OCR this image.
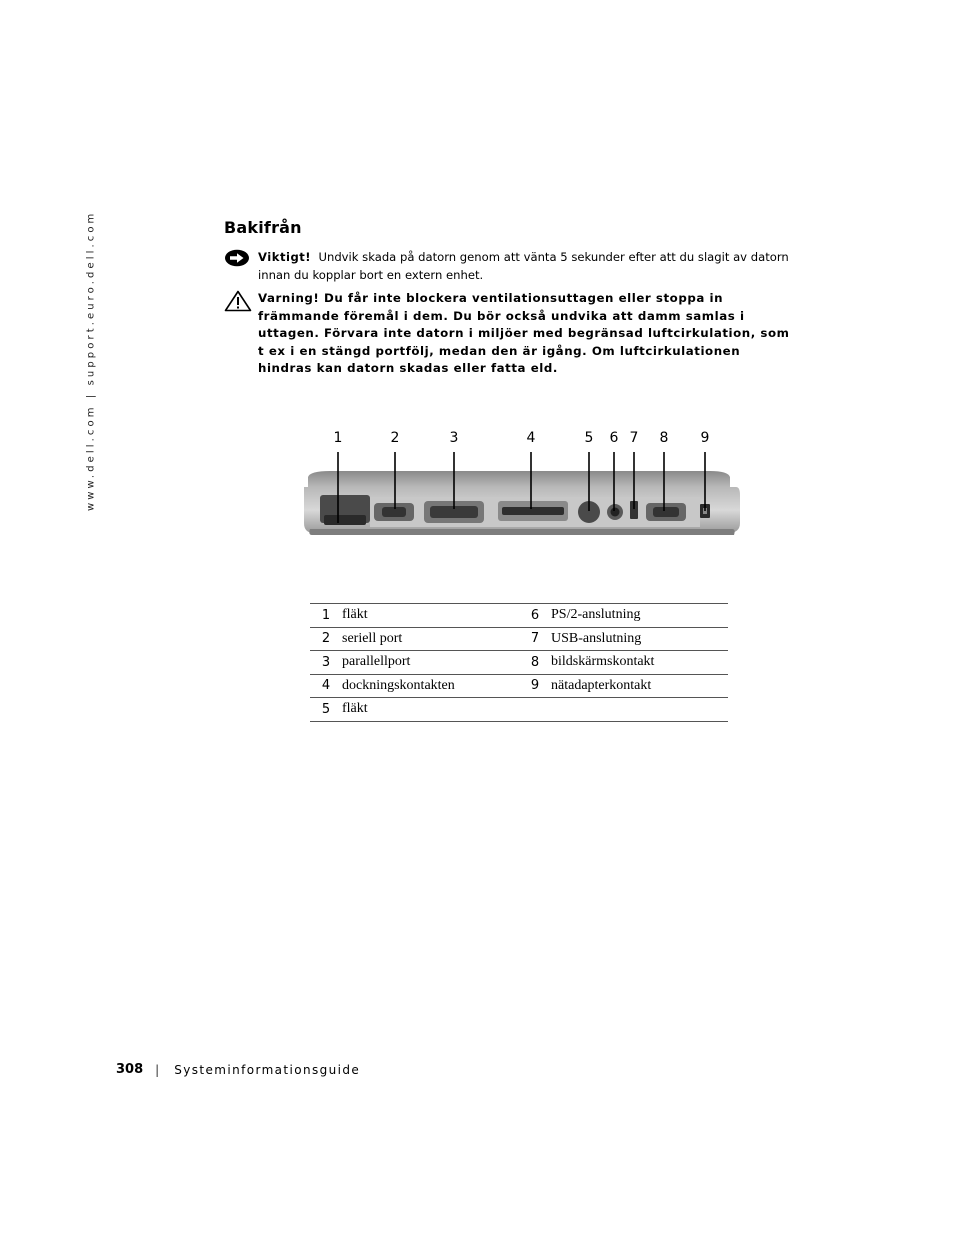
www.dell.com | support.euro.dell.com	Bakifrån
Viktigt! Undvik skada på datorn genom att vänta 5 sekunder efter att du slagit av datorn innan du kopplar bort en extern enhet.
Varning! Du får inte blockera ventilationsuttagen eller stoppa in främmande föremål i dem. Du bör också undvika att damm samlas i uttagen. Förvara inte datorn i miljöer med begränsad luftcirkulation, som t ex i en stängd portfölj, medan den är igång. Om luftcirkulationen hindras kan datorn skadas eller fatta eld.
1	2	3	4	5	6 7	8	9
1	fläkt	6	PS/2-anslutning
2	seriell port	7	USB-anslutning
3	parallellport	8	bildskärmskontakt
4	dockningskontakten	9	nätadapterkontakt
5	fläkt		
308 | Systeminformationsguide
